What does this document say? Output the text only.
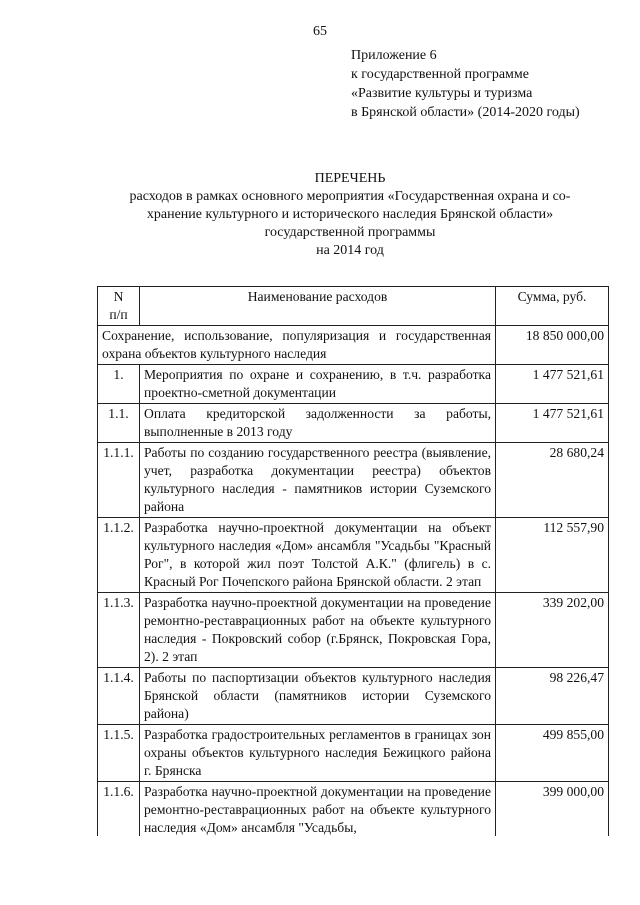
65
Приложение 6
к государственной программе
«Развитие культуры и туризма
в Брянской области» (2014-2020 годы)
ПЕРЕЧЕНЬ
расходов в рамках основного мероприятия «Государственная охрана и со-
хранение культурного и исторического наследия Брянской области»
государственной программы
на 2014 год
N
п/п	Наименование расходов	Сумма, руб.
Сохранение, использование, популяризация и государственная охрана объектов культурного наследия		18 850 000,00
1.	Мероприятия по охране и сохранению, в т.ч. разработка проектно-сметной документации	1 477 521,61
1.1.	Оплата кредиторской задолженности за работы, выполненные в 2013 году	1 477 521,61
1.1.1.	Работы по созданию государственного реестра (выявление, учет, разработка документации реестра) объектов культурного наследия - памятников истории Суземского района	28 680,24
1.1.2.	Разработка научно-проектной документации на объект культурного наследия «Дом» ансамбля "Усадьбы "Красный Рог", в которой жил поэт Толстой А.К." (флигель) в с. Красный Рог Почепского района Брянской области. 2 этап	112 557,90
1.1.3.	Разработка научно-проектной документации на проведение ремонтно-реставрационных работ на объекте культурного наследия - Покровский собор (г.Брянск, Покровская Гора, 2). 2 этап	339 202,00
1.1.4.	Работы по паспортизации объектов культурного наследия Брянской области (памятников истории Суземского района)	98 226,47
1.1.5.	Разработка градостроительных регламентов в границах зон охраны объектов культурного наследия Бежицкого района г. Брянска	499 855,00
1.1.6.	Разработка научно-проектной документации на проведение ремонтно-реставрационных работ на объекте культурного наследия «Дом» ансамбля "Усадьбы,	399 000,00
